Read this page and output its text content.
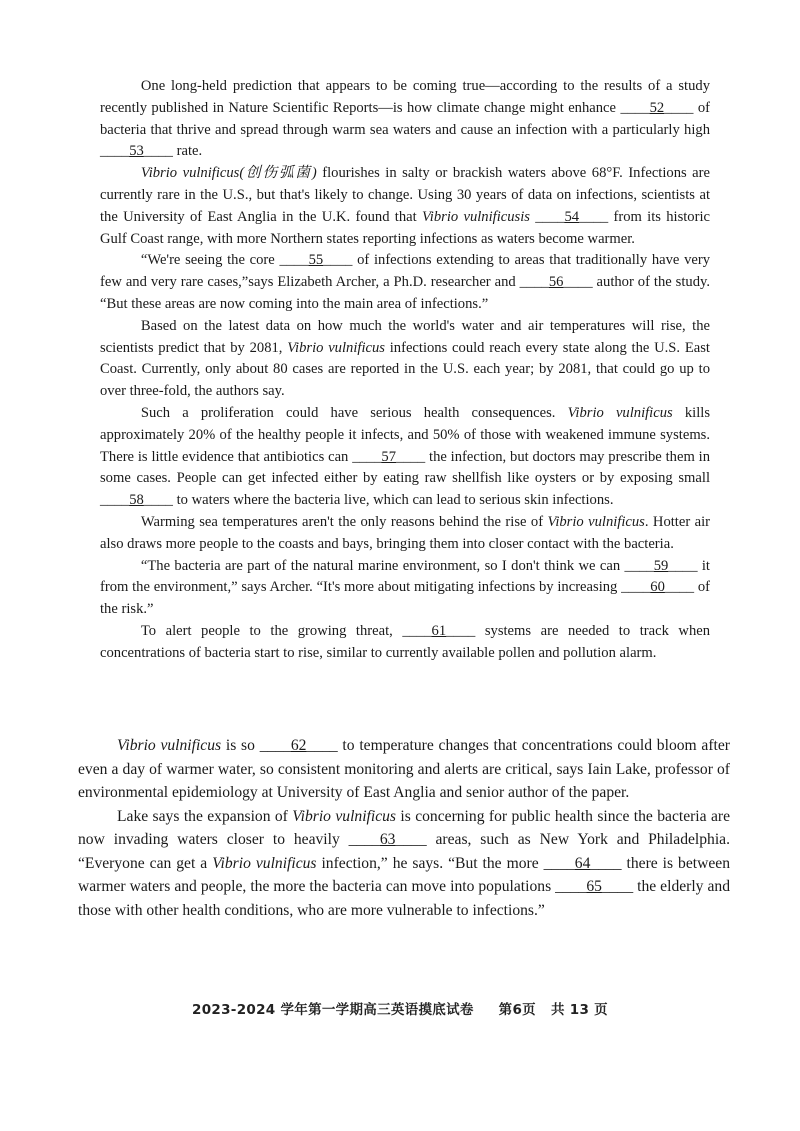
One long-held prediction that appears to be coming true—according to the results of a study recently published in Nature Scientific Reports—is how climate change might enhance ____52____ of bacteria that thrive and spread through warm sea waters and cause an infection with a particularly high ____53____ rate.

Vibrio vulnificus(创伤弧菌) flourishes in salty or brackish waters above 68°F. Infections are currently rare in the U.S., but that's likely to change. Using 30 years of data on infections, scientists at the University of East Anglia in the U.K. found that Vibrio vulnificusis ____54____ from its historic Gulf Coast range, with more Northern states reporting infections as waters become warmer.

“We're seeing the core ____55____ of infections extending to areas that traditionally have very few and very rare cases,”says Elizabeth Archer, a Ph.D. researcher and ____56____ author of the study. “But these areas are now coming into the main area of infections.”

Based on the latest data on how much the world's water and air temperatures will rise, the scientists predict that by 2081, Vibrio vulnificus infections could reach every state along the U.S. East Coast. Currently, only about 80 cases are reported in the U.S. each year; by 2081, that could go up to over three-fold, the authors say.

Such a proliferation could have serious health consequences. Vibrio vulnificus kills approximately 20% of the healthy people it infects, and 50% of those with weakened immune systems. There is little evidence that antibiotics can ____57____ the infection, but doctors may prescribe them in some cases. People can get infected either by eating raw shellfish like oysters or by exposing small ____58____ to waters where the bacteria live, which can lead to serious skin infections.

Warming sea temperatures aren't the only reasons behind the rise of Vibrio vulnificus. Hotter air also draws more people to the coasts and bays, bringing them into closer contact with the bacteria.

“The bacteria are part of the natural marine environment, so I don't think we can ____59____ it from the environment,” says Archer. “It's more about mitigating infections by increasing ____60____ of the risk.”

To alert people to the growing threat, ____61____ systems are needed to track when concentrations of bacteria start to rise, similar to currently available pollen and pollution alarm.

Vibrio vulnificus is so ____62____ to temperature changes that concentrations could bloom after even a day of warmer water, so consistent monitoring and alerts are critical, says Iain Lake, professor of environmental epidemiology at University of East Anglia and senior author of the paper.

Lake says the expansion of Vibrio vulnificus is concerning for public health since the bacteria are now invading waters closer to heavily ____63____ areas, such as New York and Philadelphia. “Everyone can get a Vibrio vulnificus infection,” he says. “But the more ____64____ there is between warmer waters and people, the more the bacteria can move into populations ____65____ the elderly and those with other health conditions, who are more vulnerable to infections.”

2023-2024 学年第一学期高三英语摸底试卷 第6页 共 13 页
